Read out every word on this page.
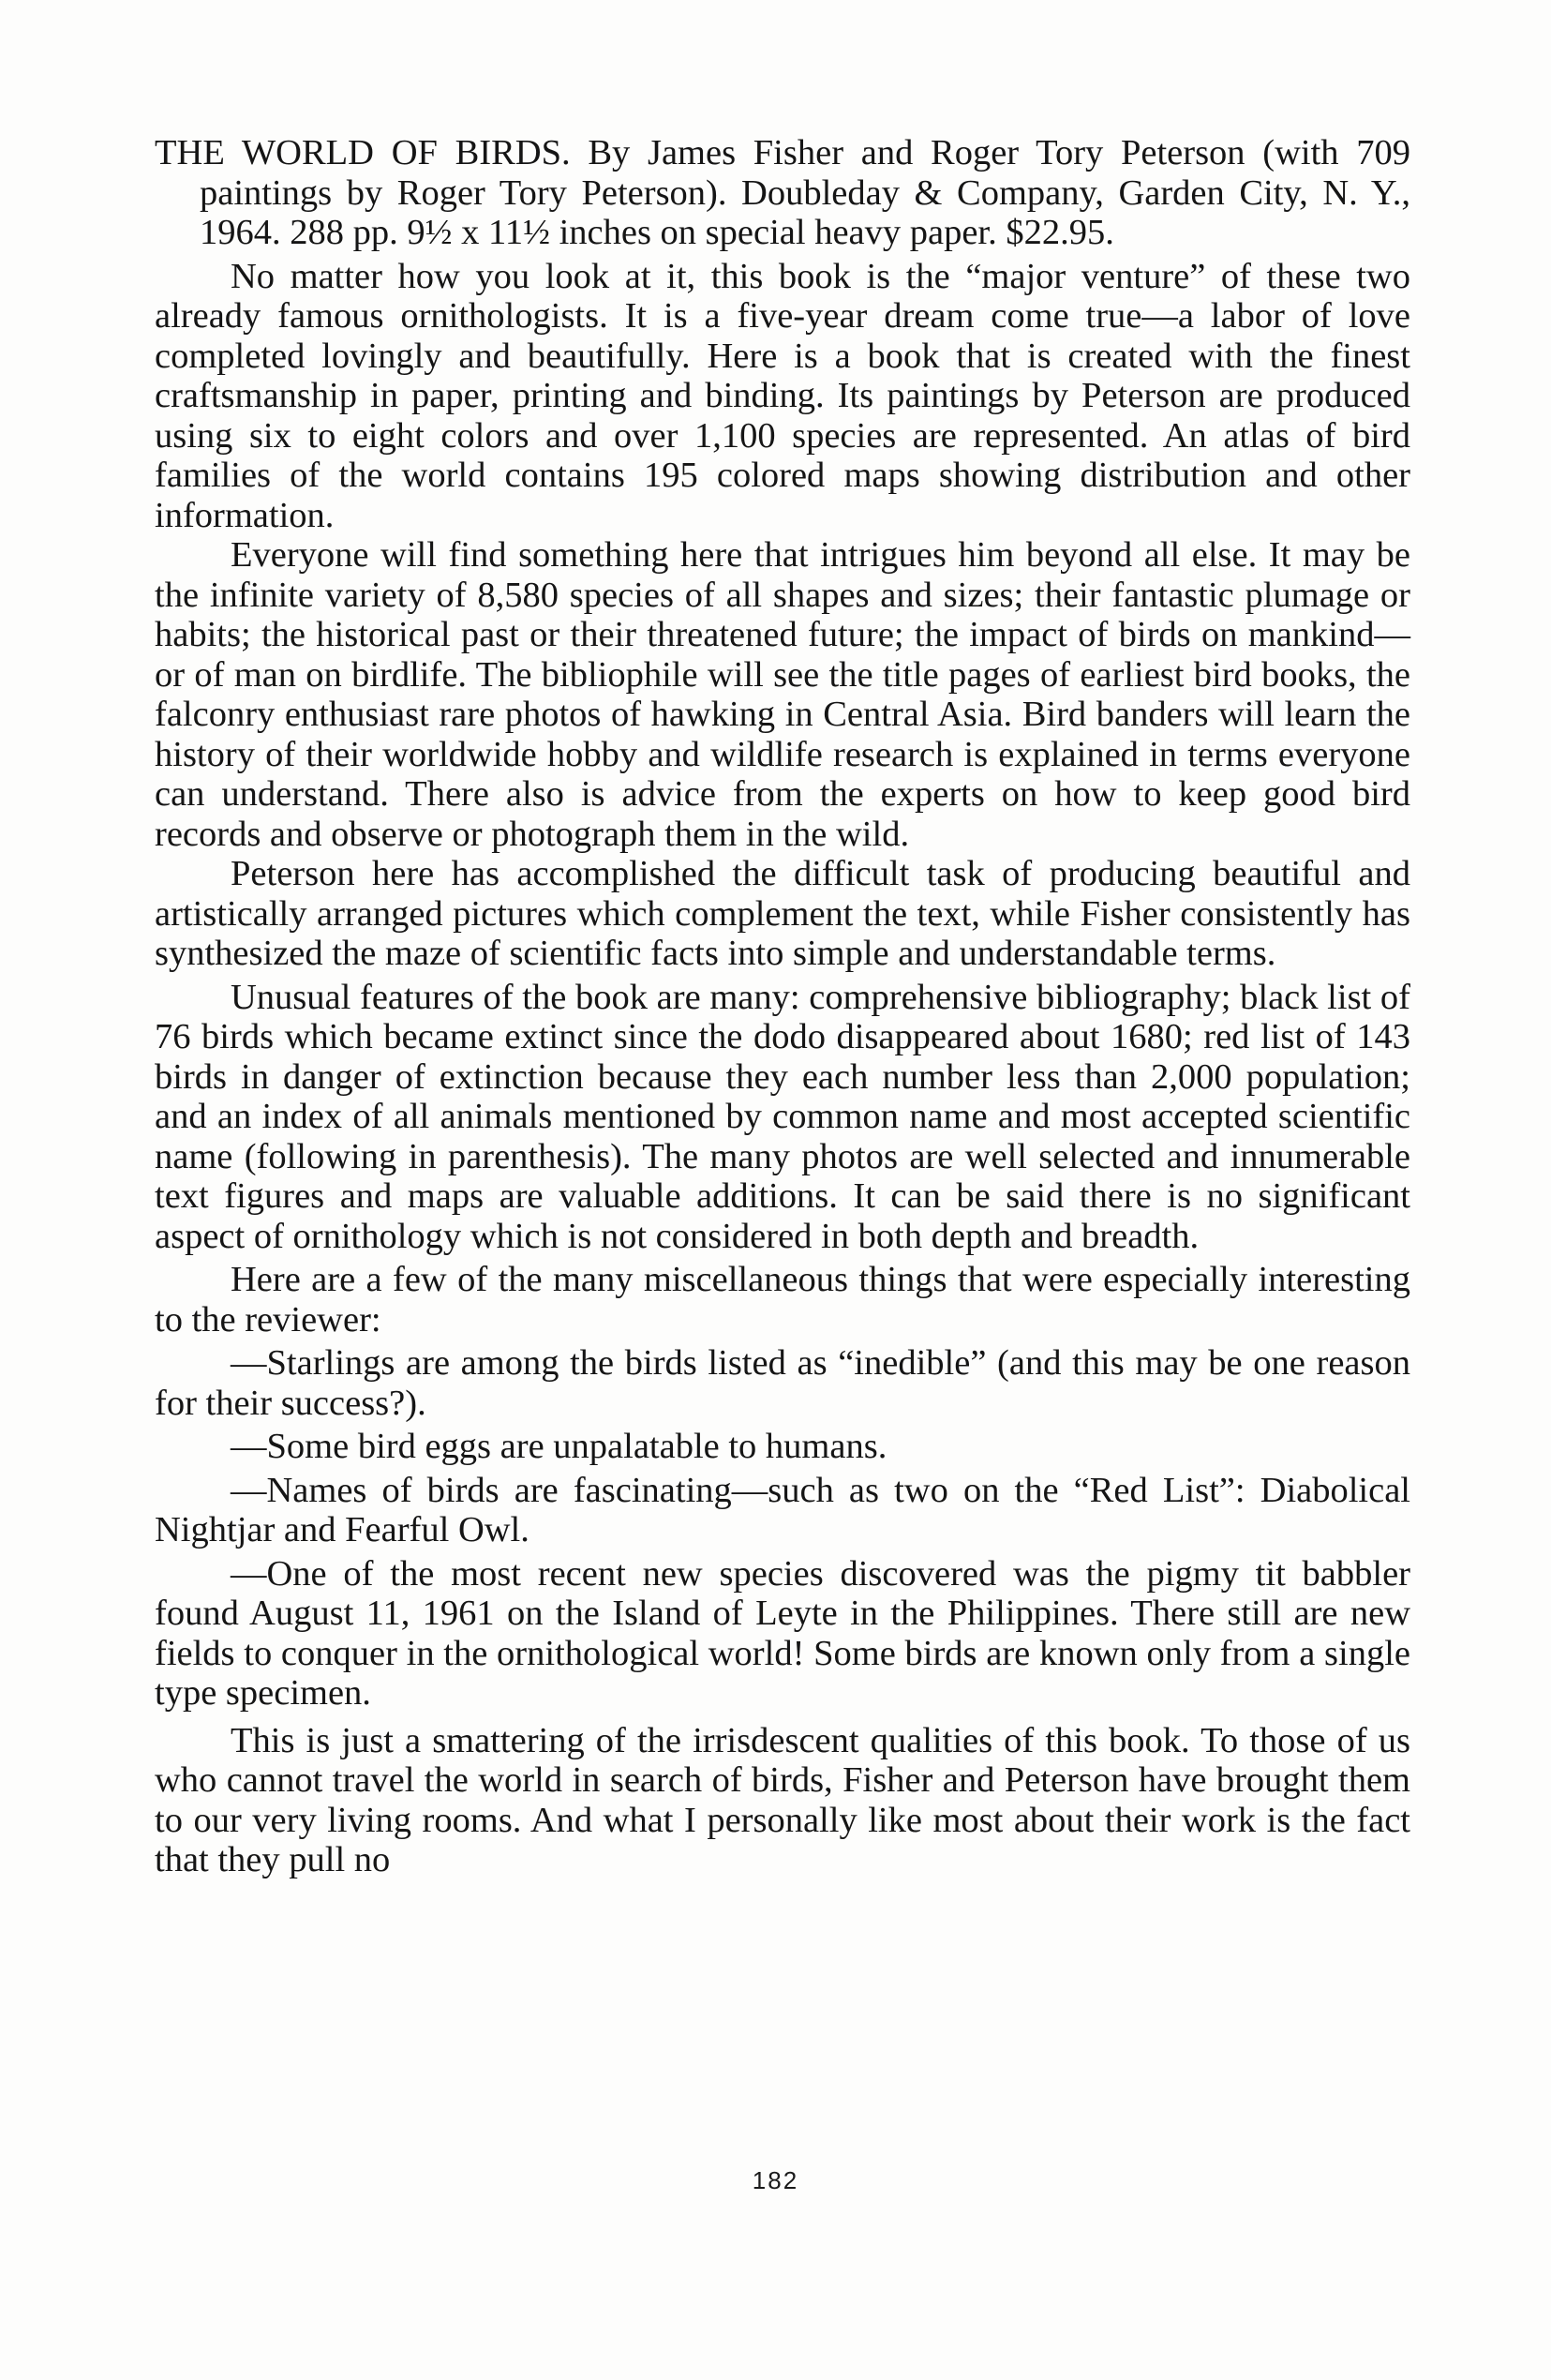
THE WORLD OF BIRDS. By James Fisher and Roger Tory Peterson (with 709 paintings by Roger Tory Peterson). Doubleday & Company, Garden City, N. Y., 1964. 288 pp. 9½ x 11½ inches on special heavy paper. $22.95.

No matter how you look at it, this book is the “major venture” of these two already famous ornithologists. It is a five-year dream come true—a labor of love completed lovingly and beautifully. Here is a book that is created with the finest craftsmanship in paper, printing and binding. Its paintings by Peterson are produced using six to eight colors and over 1,100 species are represented. An atlas of bird families of the world contains 195 colored maps showing distribution and other information.

Everyone will find something here that intrigues him beyond all else. It may be the infinite variety of 8,580 species of all shapes and sizes; their fantastic plumage or habits; the historical past or their threatened future; the impact of birds on mankind—or of man on birdlife. The bibliophile will see the title pages of earliest bird books, the falconry enthusiast rare photos of hawking in Central Asia. Bird banders will learn the history of their worldwide hobby and wildlife research is explained in terms everyone can understand. There also is advice from the experts on how to keep good bird records and observe or photograph them in the wild.

Peterson here has accomplished the difficult task of producing beautiful and artistically arranged pictures which complement the text, while Fisher consistently has synthesized the maze of scientific facts into simple and understandable terms.

Unusual features of the book are many: comprehensive bibliography; black list of 76 birds which became extinct since the dodo disappeared about 1680; red list of 143 birds in danger of extinction because they each number less than 2,000 population; and an index of all animals mentioned by common name and most accepted scientific name (following in parenthesis). The many photos are well selected and innumerable text figures and maps are valuable additions. It can be said there is no significant aspect of ornithology which is not considered in both depth and breadth.

Here are a few of the many miscellaneous things that were especially interesting to the reviewer:

—Starlings are among the birds listed as “inedible” (and this may be one reason for their success?).

—Some bird eggs are unpalatable to humans.

—Names of birds are fascinating—such as two on the “Red List”: Diabolical Nightjar and Fearful Owl.

—One of the most recent new species discovered was the pigmy tit babbler found August 11, 1961 on the Island of Leyte in the Philippines. There still are new fields to conquer in the ornithological world! Some birds are known only from a single type specimen.

This is just a smattering of the irrisdescent qualities of this book. To those of us who cannot travel the world in search of birds, Fisher and Peterson have brought them to our very living rooms. And what I personally like most about their work is the fact that they pull no

182
